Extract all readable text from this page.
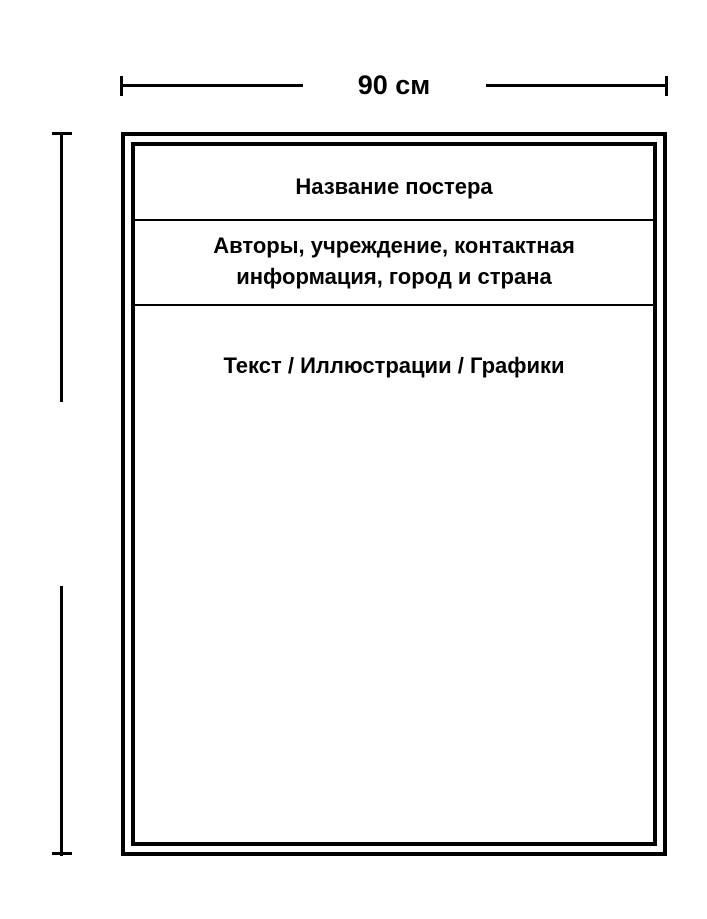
90 см
Название постера
Авторы, учреждение, контактная
информация, город и страна
Текст / Иллюстрации / Графики
